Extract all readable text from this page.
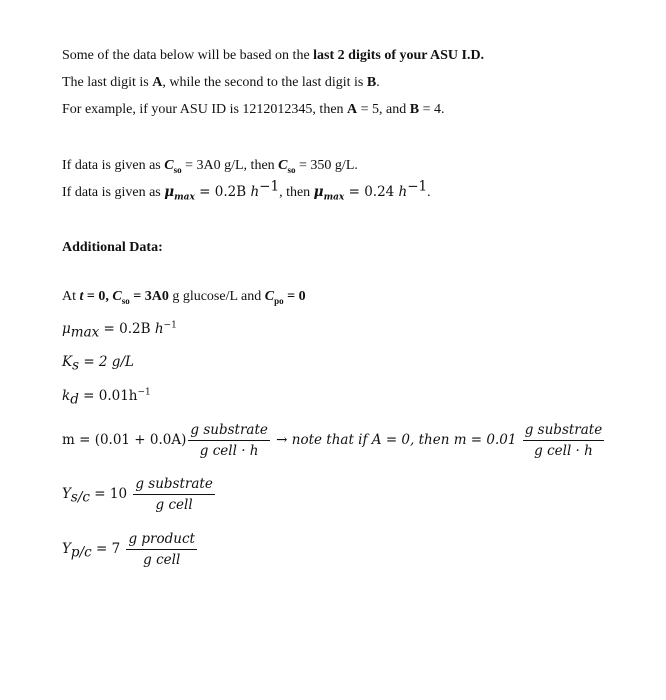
Some of the data below will be based on the last 2 digits of your ASU I.D.
The last digit is A, while the second to the last digit is B.
For example, if your ASU ID is 1212012345, then A = 5, and B = 4.
If data is given as $C_{so} = 3A0$ g/L, then $C_{so} = 350$ g/L.
If data is given as $\mu_{max} = 0.2B$ $h^{-1}$, then $\mu_{max} = 0.24$ $h^{-1}$.
Additional Data:
At t = 0, $C_{so} = 3A0$ g glucose/L and $C_{po} = 0$
$\mu_{max} = 0.2B$ $h^{-1}$
$K_s = 2$ g/L
$k_d = 0.01h^{-1}$
$m = (0.01 + 0.0A) \frac{\text{g substrate}}{\text{g cell · h}}$ → note that if A = 0, then $m = 0.01 \frac{\text{g substrate}}{\text{g cell · h}}$
$Y_{s/c} = 10 \frac{\text{g substrate}}{\text{g cell}}$
$Y_{p/c} = 7 \frac{\text{g product}}{\text{g cell}}$
